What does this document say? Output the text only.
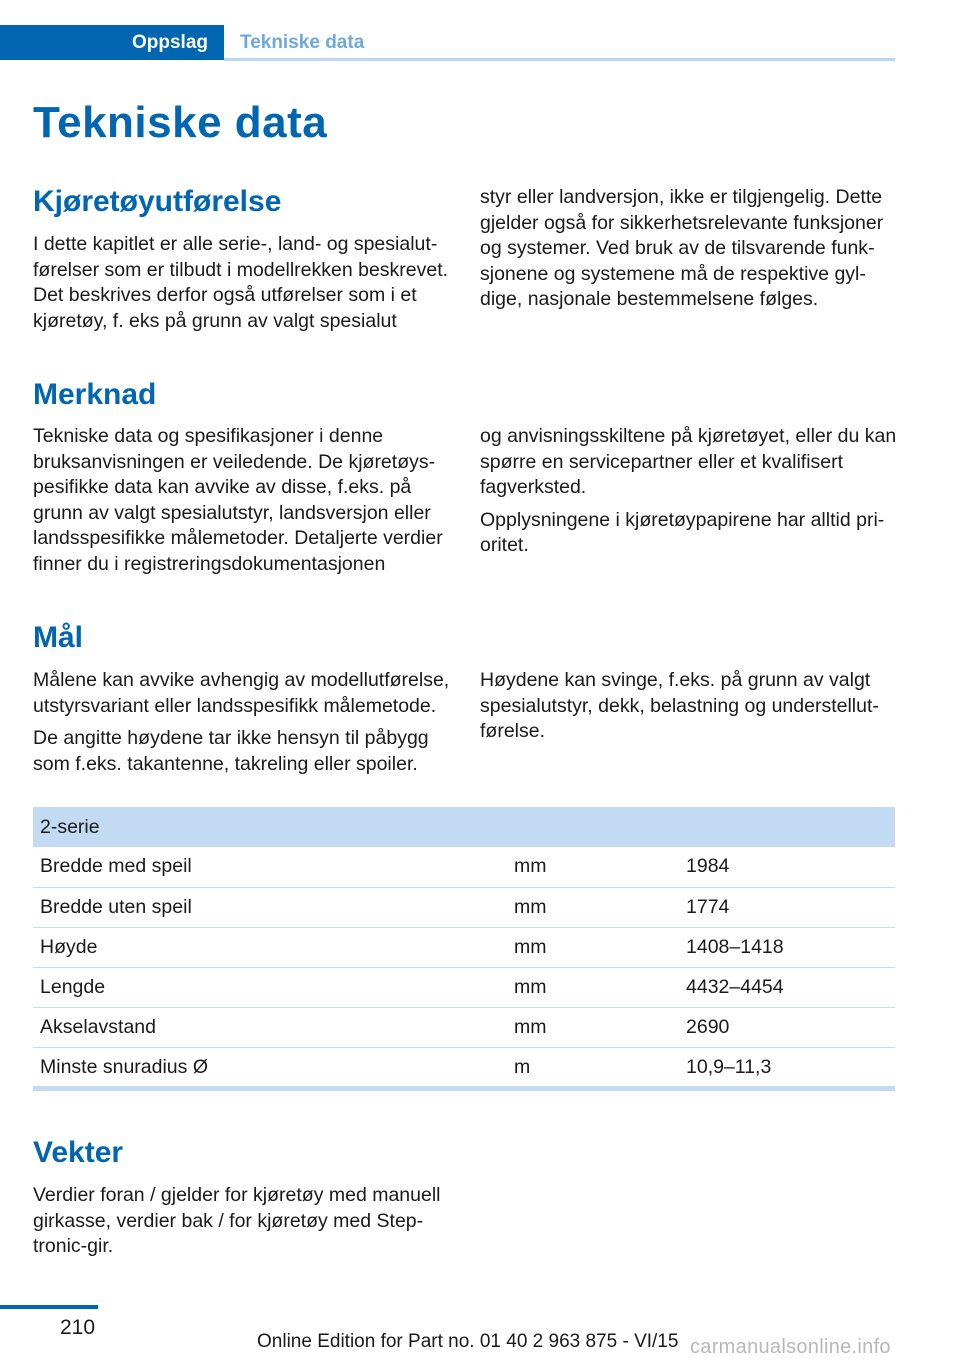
Oppslag	Tekniske data
Tekniske data
Kjøretøyutførelse

I dette kapitlet er alle serie-, land- og spesialutførelser som er tilbudt i modellrekken beskrevet. Det beskrives derfor også utførelser som i et kjøretøy, f. eks på grunn av valgt spesialut

styr eller landversjon, ikke er tilgjengelig. Dette gjelder også for sikkerhetsrelevante funksjoner og systemer. Ved bruk av de tilsvarende funksjonene og systemene må de respektive gyldige, nasjonale bestemmelsene følges.

Merknad

Tekniske data og spesifikasjoner i denne bruksanvisningen er veiledende. De kjøretøyspesifikke data kan avvike av disse, f.eks. på grunn av valgt spesialutstyr, landsversjon eller landsspesifikke målemetoder. Detaljerte verdier finner du i registreringsdokumentasjonen

og anvisningsskiltene på kjøretøyet, eller du kan spørre en servicepartner eller et kvalifisert fagverksted.

Opplysningene i kjøretøypapirene har alltid prioritet.

Mål

Målene kan avvike avhengig av modellutførelse, utstyrsvariant eller landsspesifikk målemetode.

De angitte høydene tar ikke hensyn til påbygg som f.eks. takantenne, takreling eller spoiler.

Høydene kan svinge, f.eks. på grunn av valgt spesialutstyr, dekk, belastning og understellutførelse.

2-serie		
Bredde med speil	mm	1984
Bredde uten speil	mm	1774
Høyde	mm	1408–1418
Lengde	mm	4432–4454
Akselavstand	mm	2690
Minste snuradius Ø	m	10,9–11,3
Vekter

Verdier foran / gjelder for kjøretøy med manuell girkasse, verdier bak / for kjøretøy med Steptronic-gir.

210
Online Edition for Part no. 01 40 2 963 875 - VI/15 carmanualsonline.info
